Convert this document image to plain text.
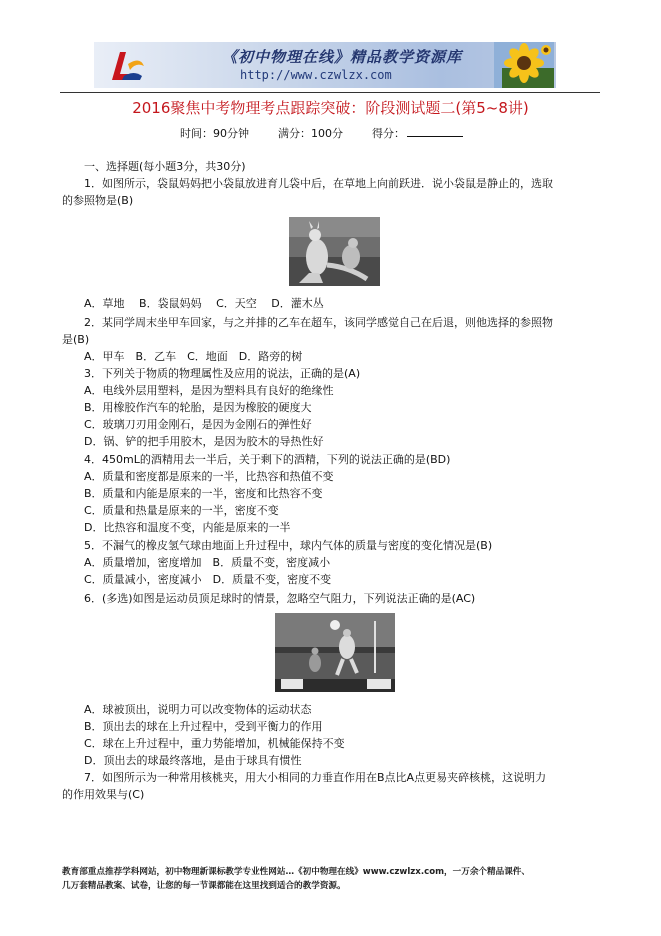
《初中物理在线》精品教学资源库
http://www.czwlzx.com
2016聚焦中考物理考点跟踪突破：阶段测试题二(第5~8讲)
时间：90分钟	满分：100分	得分：
一、选择题(每小题3分，共30分)
1．如图所示，袋鼠妈妈把小袋鼠放进育儿袋中后，在草地上向前跃进．说小袋鼠是静止的，选取
的参照物是(B)
A．草地　 B．袋鼠妈妈　 C．天空　 D．灌木丛
2．某同学周末坐甲车回家，与之并排的乙车在超车，该同学感觉自己在后退，则他选择的参照物
是(B)
A．甲车　B．乙车　C．地面　D．路旁的树
3．下列关于物质的物理属性及应用的说法，正确的是(A)
A．电线外层用塑料，是因为塑料具有良好的绝缘性
B．用橡胶作汽车的轮胎，是因为橡胶的硬度大
C．玻璃刀刃用金刚石，是因为金刚石的弹性好
D．锅、铲的把手用胶木，是因为胶木的导热性好
4．450mL的酒精用去一半后，关于剩下的酒精，下列的说法正确的是(BD)
A．质量和密度都是原来的一半，比热容和热值不变
B．质量和内能是原来的一半，密度和比热容不变
C．质量和热量是原来的一半，密度不变
D．比热容和温度不变，内能是原来的一半
5．不漏气的橡皮氢气球由地面上升过程中，球内气体的质量与密度的变化情况是(B)
A．质量增加，密度增加　B．质量不变，密度减小
C．质量减小，密度减小　D．质量不变，密度不变
6．(多选)如图是运动员顶足球时的情景，忽略空气阻力，下列说法正确的是(AC)
A．球被顶出，说明力可以改变物体的运动状态
B．顶出去的球在上升过程中，受到平衡力的作用
C．球在上升过程中，重力势能增加，机械能保持不变
D．顶出去的球最终落地，是由于球具有惯性
7．如图所示为一种常用核桃夹，用大小相同的力垂直作用在B点比A点更易夹碎核桃，这说明力
的作用效果与(C)
教育部重点推荐学科网站，初中物理新课标教学专业性网站…《初中物理在线》www.czwlzx.com，一万余个精品课件、
几万套精品教案、试卷，让您的每一节课都能在这里找到适合的教学资源。
